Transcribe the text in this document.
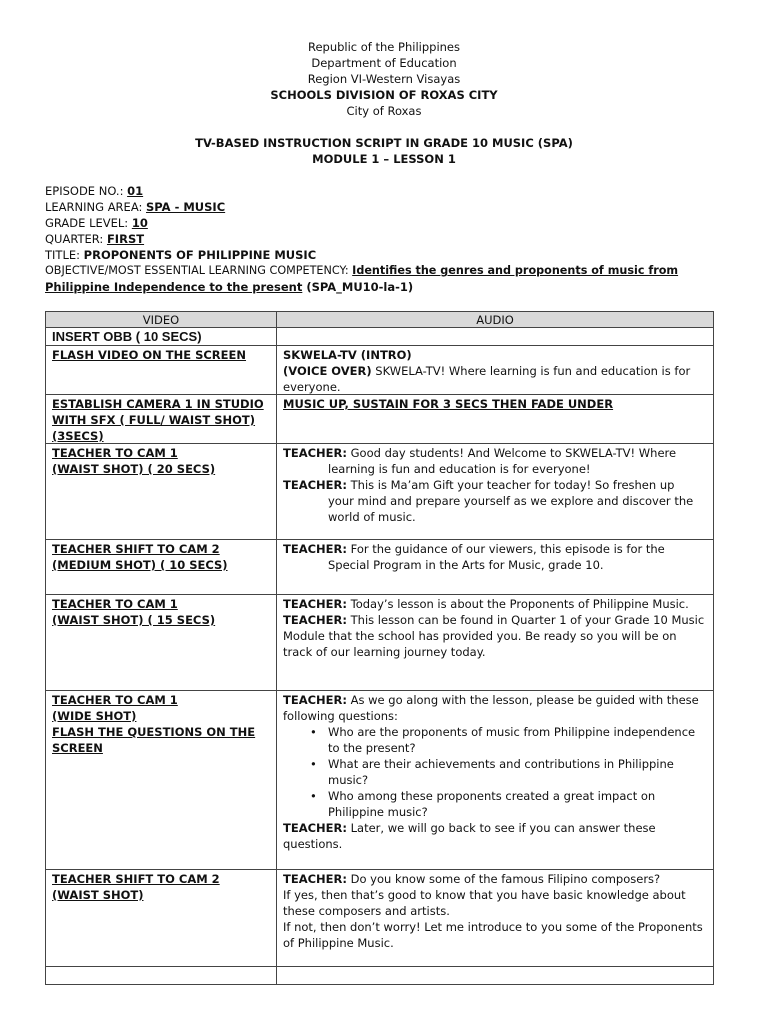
Republic of the Philippines
Department of Education
Region VI-Western Visayas
SCHOOLS DIVISION OF ROXAS CITY
City of Roxas
TV-BASED INSTRUCTION SCRIPT IN GRADE 10 MUSIC (SPA)
MODULE 1 – LESSON 1
EPISODE NO.: 01
LEARNING AREA: SPA - MUSIC
GRADE LEVEL: 10
QUARTER: FIRST
TITLE: PROPONENTS OF PHILIPPINE MUSIC
OBJECTIVE/MOST ESSENTIAL LEARNING COMPETENCY: Identifies the genres and proponents of music from
Philippine Independence to the present (SPA_MU10-la-1)
VIDEO	AUDIO
INSERT OBB ( 10 SECS)
FLASH VIDEO ON THE SCREEN	SKWELA-TV (INTRO)
(VOICE OVER) SKWELA-TV! Where learning is fun and education is for everyone.
ESTABLISH CAMERA 1 IN STUDIO
WITH SFX ( FULL/ WAIST SHOT)
(3SECS)
MUSIC UP, SUSTAIN FOR 3 SECS THEN FADE UNDER
TEACHER TO CAM 1
(WAIST SHOT) ( 20 SECS)
TEACHER: Good day students! And Welcome to SKWELA-TV! Where
learning is fun and education is for everyone!
TEACHER: This is Ma’am Gift your teacher for today! So freshen up
your mind and prepare yourself as we explore and discover the world of music.
TEACHER SHIFT TO CAM 2
(MEDIUM SHOT) ( 10 SECS)
TEACHER: For the guidance of our viewers, this episode is for the
Special Program in the Arts for Music, grade 10.
TEACHER TO CAM 1
(WAIST SHOT) ( 15 SECS)
TEACHER: Today’s lesson is about the Proponents of Philippine Music.
TEACHER: This lesson can be found in Quarter 1 of your Grade 10 Music Module that the school has provided you. Be ready so you will be on track of our learning journey today.
TEACHER TO CAM 1
(WIDE SHOT)
FLASH THE QUESTIONS ON THE
SCREEN
TEACHER: As we go along with the lesson, please be guided with these following questions:
• Who are the proponents of music from Philippine independence to the present?
• What are their achievements and contributions in Philippine music?
• Who among these proponents created a great impact on Philippine music?
TEACHER: Later, we will go back to see if you can answer these questions.
TEACHER SHIFT TO CAM 2
(WAIST SHOT)
TEACHER: Do you know some of the famous Filipino composers?
If yes, then that’s good to know that you have basic knowledge about these composers and artists.
If not, then don’t worry! Let me introduce to you some of the Proponents of Philippine Music.
